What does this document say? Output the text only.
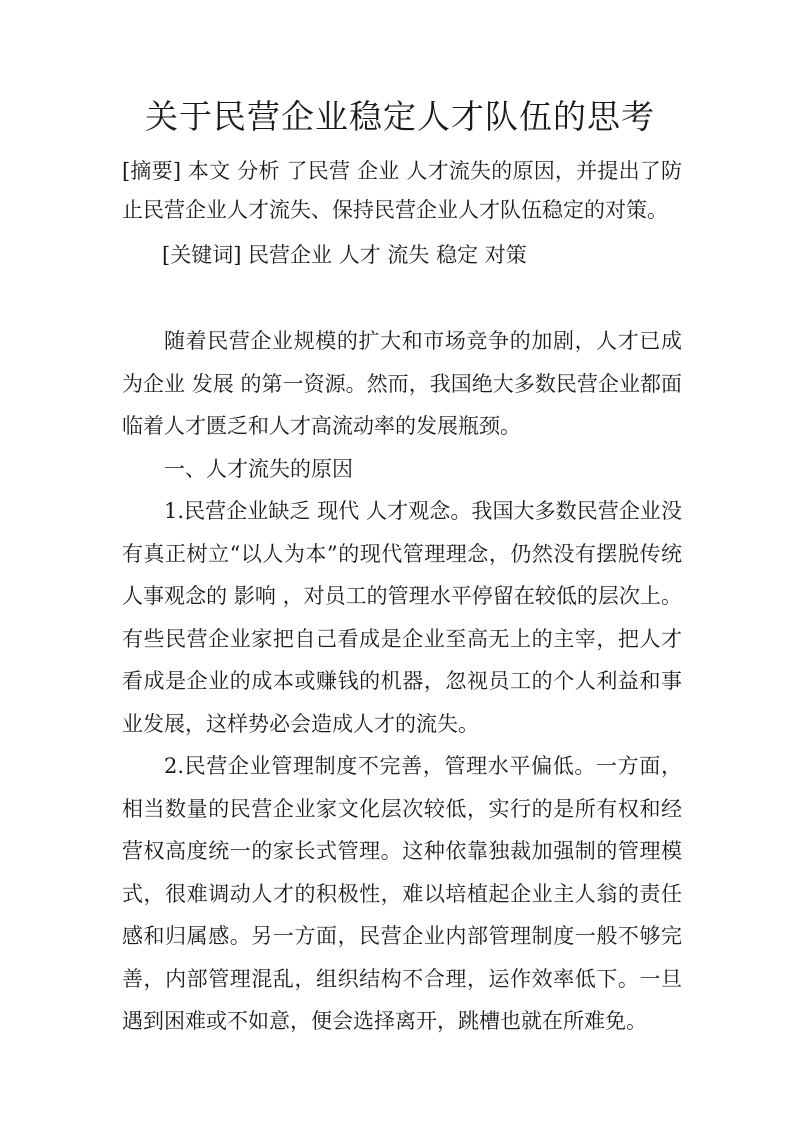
关于民营企业稳定人才队伍的思考

[摘要] 本文 分析 了民营 企业 人才流失的原因，并提出了防止民营企业人才流失、保持民营企业人才队伍稳定的对策。

[关键词] 民营企业 人才 流失 稳定 对策

随着民营企业规模的扩大和市场竞争的加剧，人才已成为企业 发展 的第一资源。然而，我国绝大多数民营企业都面临着人才匮乏和人才高流动率的发展瓶颈。

一、人才流失的原因

1.民营企业缺乏 现代 人才观念。我国大多数民营企业没有真正树立“以人为本”的现代管理理念，仍然没有摆脱传统人事观念的 影响 ，对员工的管理水平停留在较低的层次上。有些民营企业家把自己看成是企业至高无上的主宰，把人才看成是企业的成本或赚钱的机器，忽视员工的个人利益和事业发展，这样势必会造成人才的流失。

2.民营企业管理制度不完善，管理水平偏低。一方面，相当数量的民营企业家文化层次较低，实行的是所有权和经营权高度统一的家长式管理。这种依靠独裁加强制的管理模式，很难调动人才的积极性，难以培植起企业主人翁的责任感和归属感。另一方面，民营企业内部管理制度一般不够完善，内部管理混乱，组织结构不合理，运作效率低下。一旦遇到困难或不如意，便会选择离开，跳槽也就在所难免。
